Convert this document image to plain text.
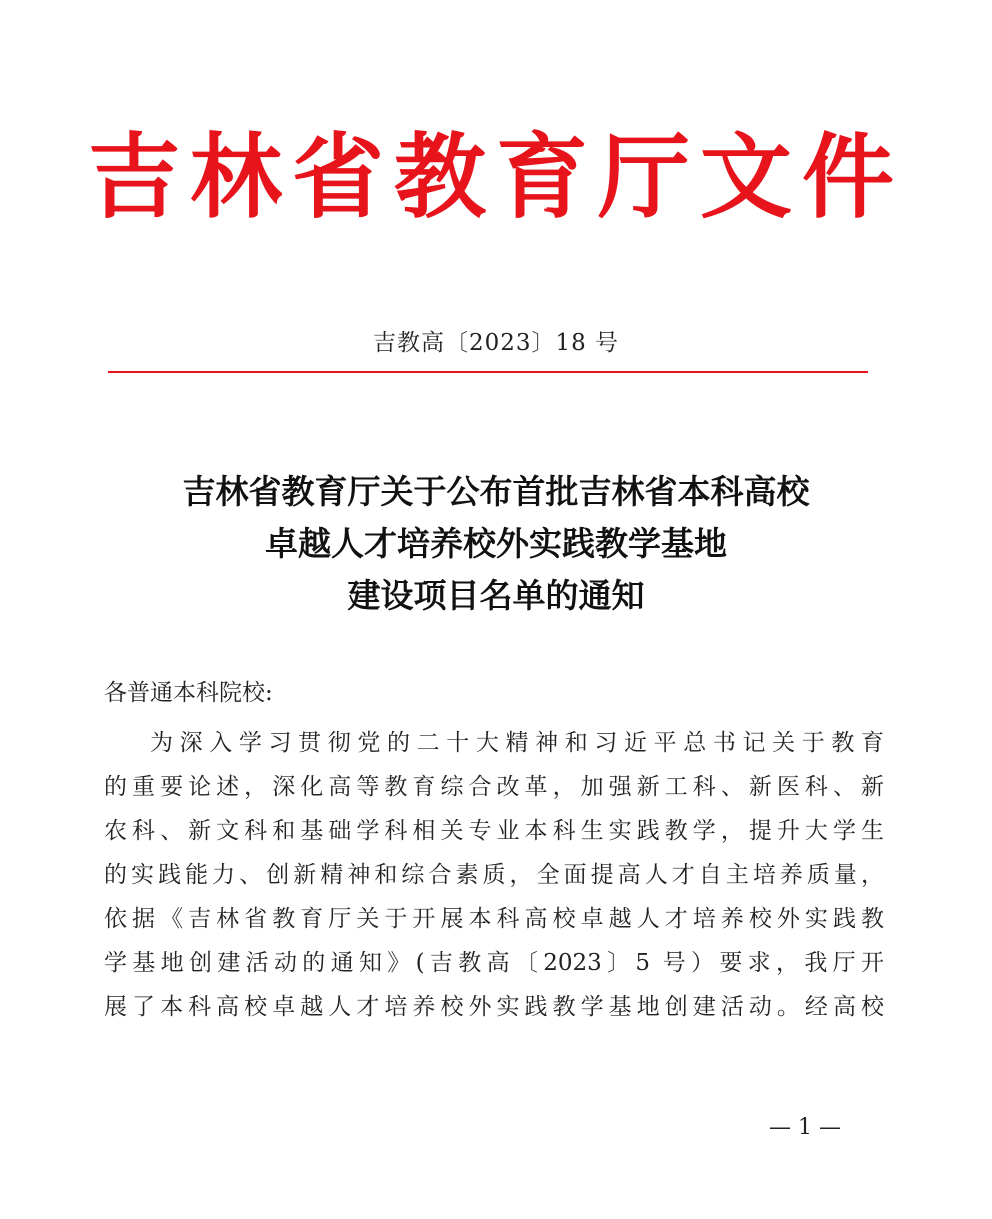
吉林省教育厅文件
吉教高〔2023〕18 号
吉林省教育厅关于公布首批吉林省本科高校
卓越人才培养校外实践教学基地
建设项目名单的通知
各普通本科院校:
为深入学习贯彻党的二十大精神和习近平总书记关于教育
的重要论述，深化高等教育综合改革，加强新工科、新医科、新
农科、新文科和基础学科相关专业本科生实践教学，提升大学生
的实践能力、创新精神和综合素质，全面提高人才自主培养质量，
依据《吉林省教育厅关于开展本科高校卓越人才培养校外实践教
学基地创建活动的通知》(吉教高〔2023〕5 号）要求，我厅开
展了本科高校卓越人才培养校外实践教学基地创建活动。经高校
— 1 —
